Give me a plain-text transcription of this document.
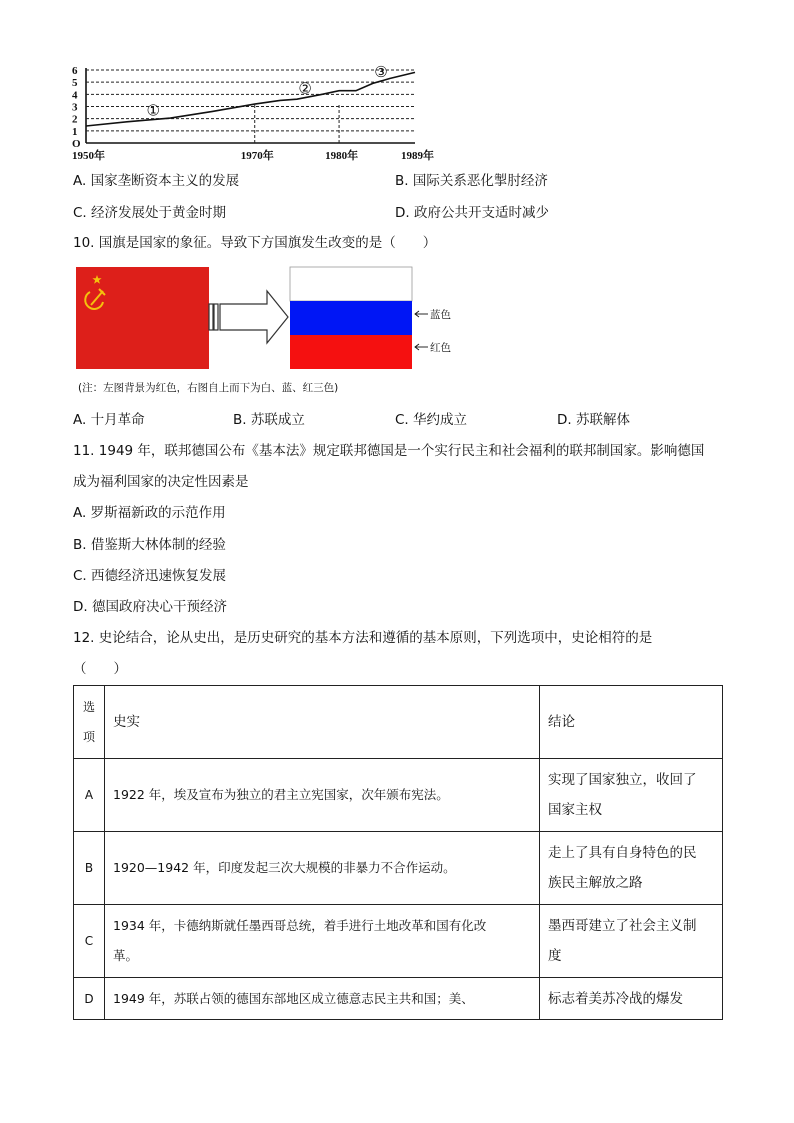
6
5
4
3
2
1
O
1950年	1970年	1980年	1989年
①
②
③
A. 国家垄断资本主义的发展	B. 国际关系恶化掣肘经济
C. 经济发展处于黄金时期	D. 政府公共开支适时减少
10. 国旗是国家的象征。导致下方国旗发生改变的是（　　）
蓝色
红色
(注：左图背景为红色，右图自上而下为白、蓝、红三色)
A. 十月革命	B. 苏联成立	C. 华约成立	D. 苏联解体
11. 1949 年，联邦德国公布《基本法》规定联邦德国是一个实行民主和社会福利的联邦制国家。影响德国
成为福利国家的决定性因素是
A. 罗斯福新政的示范作用
B. 借鉴斯大林体制的经验
C. 西德经济迅速恢复发展
D. 德国政府决心干预经济
12. 史论结合，论从史出，是历史研究的基本方法和遵循的基本原则，下列选项中，史论相符的是
（　　）
选
项	史实	结论
A	1922 年，埃及宣布为独立的君主立宪国家，次年颁布宪法。	实现了国家独立，收回了
国家主权
B	1920—1942 年，印度发起三次大规模的非暴力不合作运动。	走上了具有自身特色的民
族民主解放之路
C	1934 年，卡德纳斯就任墨西哥总统，着手进行土地改革和国有化改
革。	墨西哥建立了社会主义制
度
D	1949 年，苏联占领的德国东部地区成立德意志民主共和国；美、	标志着美苏冷战的爆发
